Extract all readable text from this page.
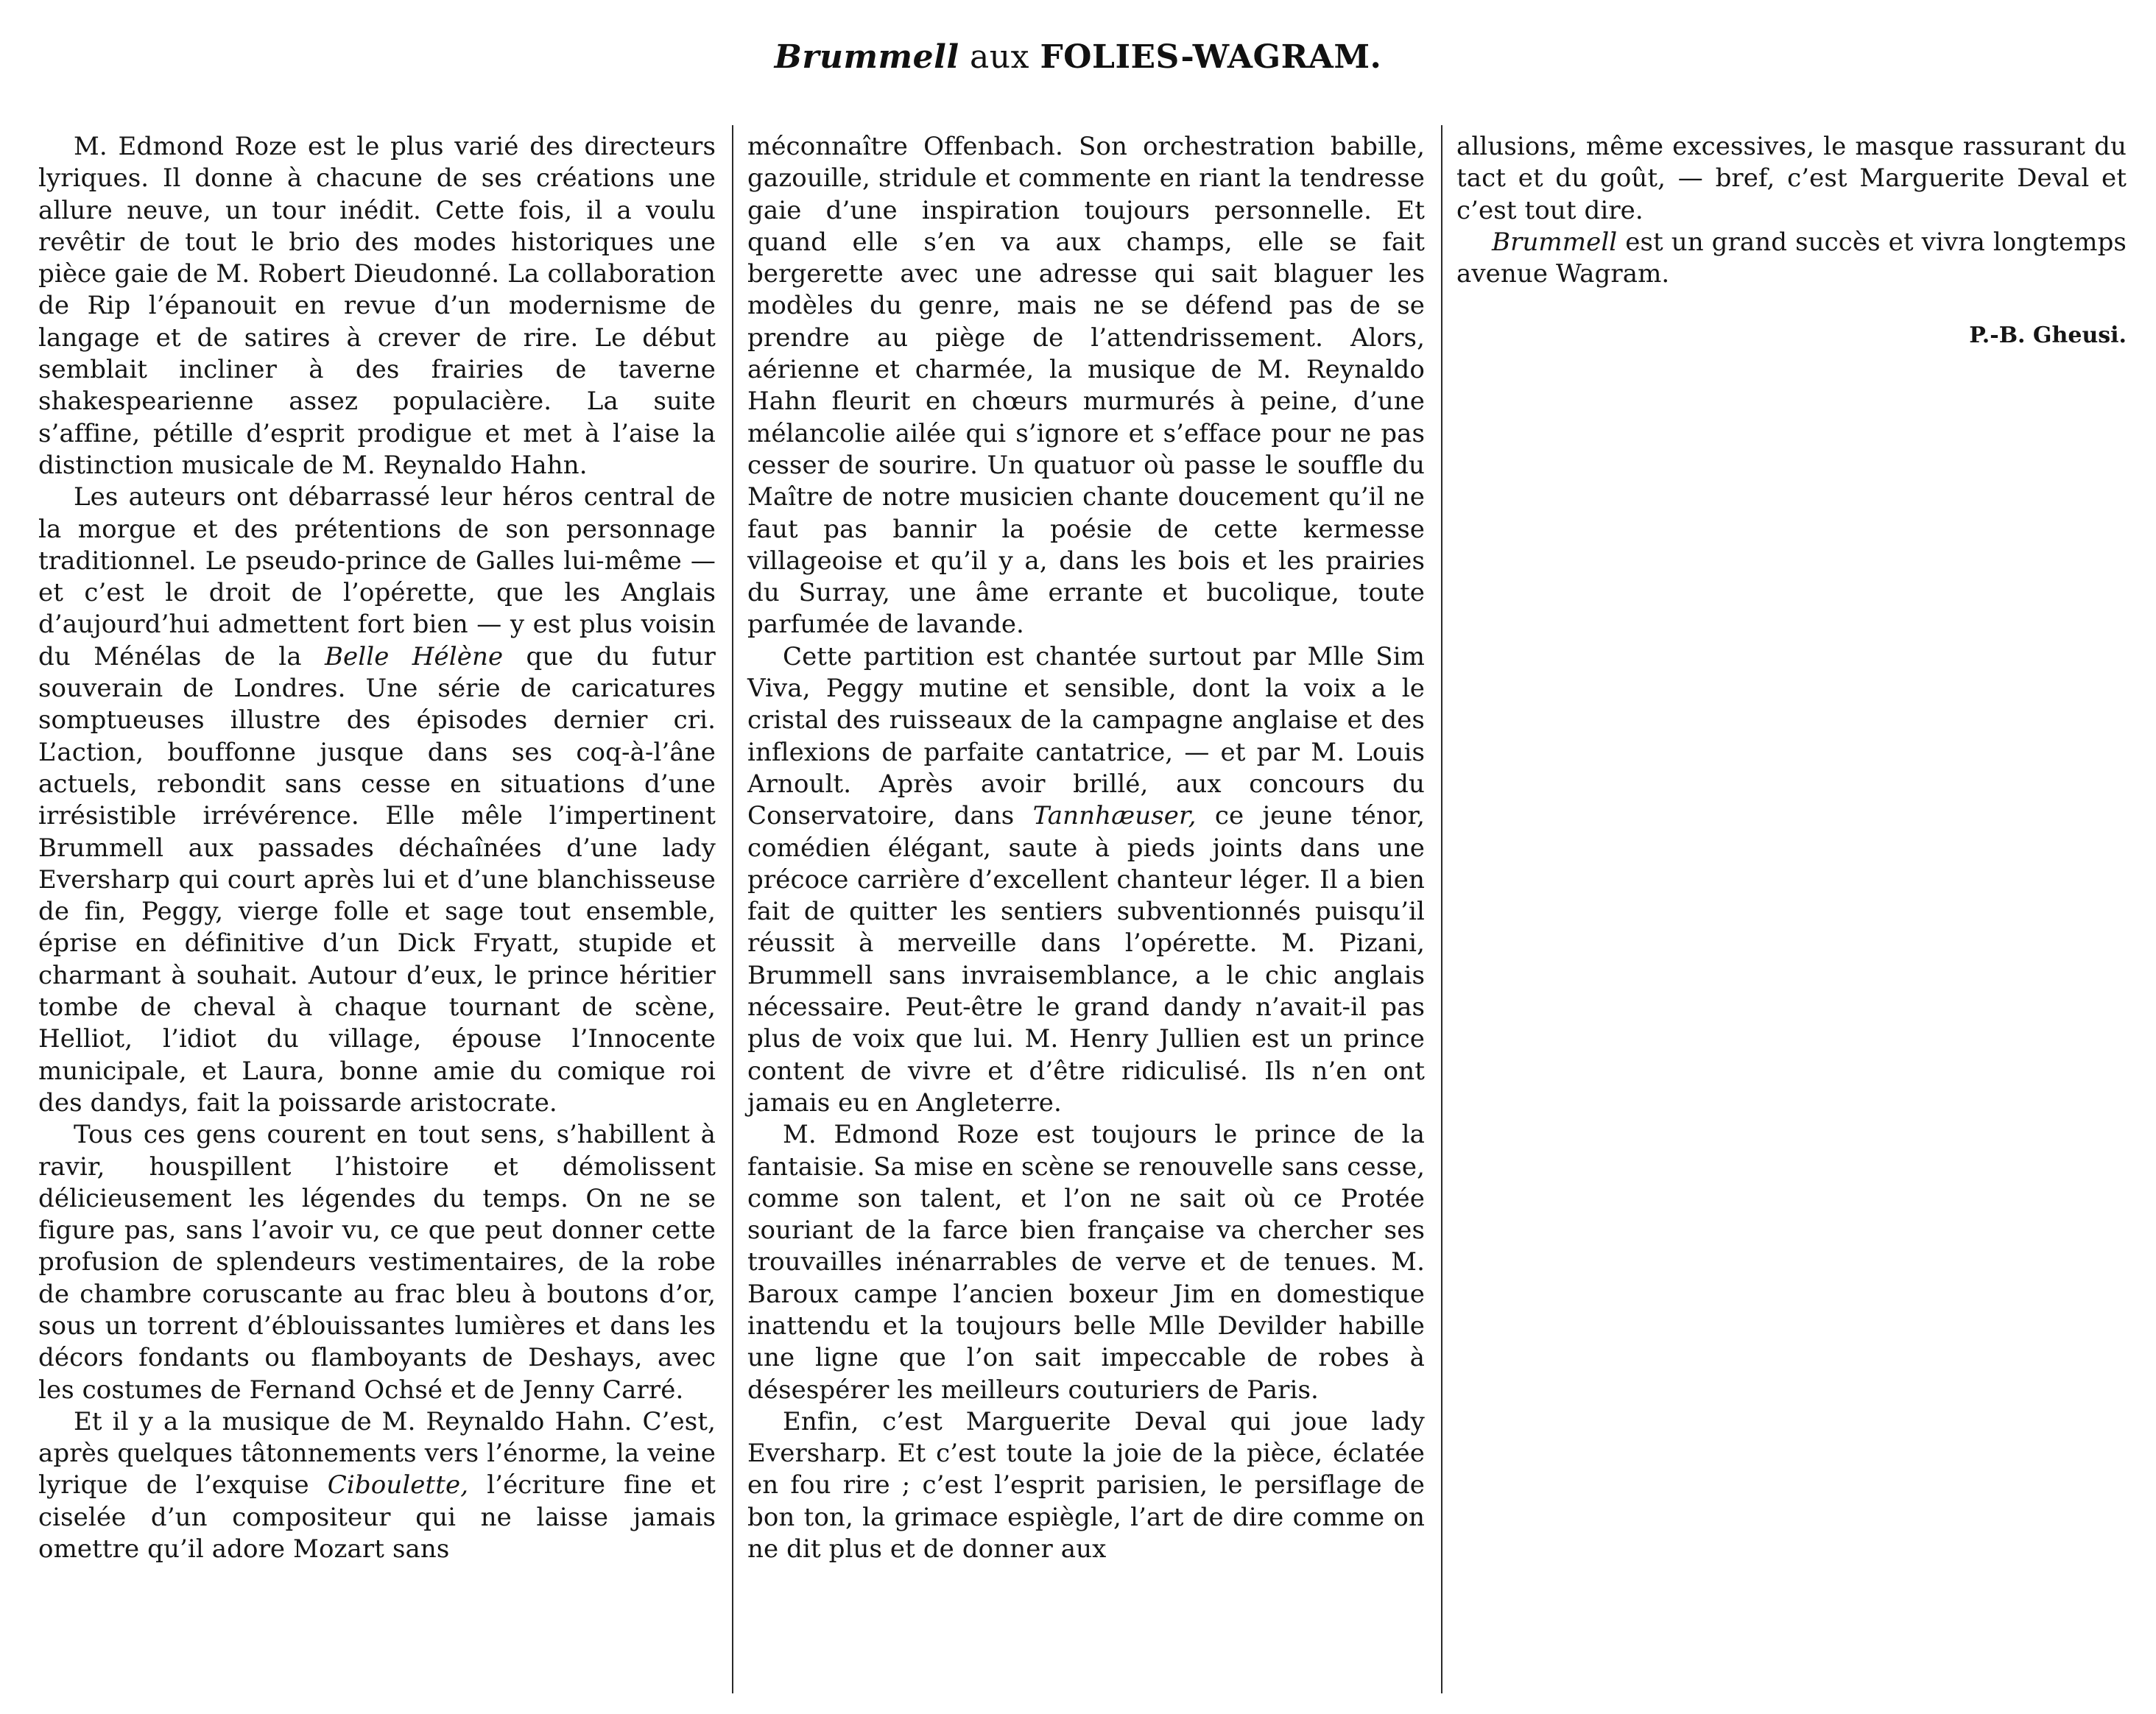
Brummell aux FOLIES-WAGRAM.

M. Edmond Roze est le plus varié des directeurs lyriques. Il donne à chacune de ses créations une allure neuve, un tour inédit. Cette fois, il a voulu revêtir de tout le brio des modes historiques une pièce gaie de M. Robert Dieudonné. La collaboration de Rip l’épanouit en revue d’un modernisme de langage et de satires à crever de rire. Le début semblait incliner à des frairies de taverne shakespearienne assez populacière. La suite s’affine, pétille d’esprit prodigue et met à l’aise la distinction musicale de M. Reynaldo Hahn.

Les auteurs ont débarrassé leur héros central de la morgue et des prétentions de son personnage traditionnel. Le pseudo-prince de Galles lui-même — et c’est le droit de l’opérette, que les Anglais d’aujourd’hui admettent fort bien — y est plus voisin du Ménélas de la Belle Hélène que du futur souverain de Londres. Une série de caricatures somptueuses illustre des épisodes dernier cri. L’action, bouffonne jusque dans ses coq-à-l’âne actuels, rebondit sans cesse en situations d’une irrésistible irrévérence. Elle mêle l’impertinent Brummell aux passades déchaînées d’une lady Eversharp qui court après lui et d’une blanchisseuse de fin, Peggy, vierge folle et sage tout ensemble, éprise en définitive d’un Dick Fryatt, stupide et charmant à souhait. Autour d’eux, le prince héritier tombe de cheval à chaque tournant de scène, Helliot, l’idiot du village, épouse l’Innocente municipale, et Laura, bonne amie du comique roi des dandys, fait la poissarde aristocrate.

Tous ces gens courent en tout sens, s’habillent à ravir, houspillent l’histoire et démolissent délicieusement les légendes du temps. On ne se figure pas, sans l’avoir vu, ce que peut donner cette profusion de splendeurs vestimentaires, de la robe de chambre coruscante au frac bleu à boutons d’or, sous un torrent d’éblouissantes lumières et dans les décors fondants ou flamboyants de Deshays, avec les costumes de Fernand Ochsé et de Jenny Carré.

Et il y a la musique de M. Reynaldo Hahn. C’est, après quelques tâtonnements vers l’énorme, la veine lyrique de l’exquise Ciboulette, l’écriture fine et ciselée d’un compositeur qui ne laisse jamais omettre qu’il adore Mozart sans

méconnaître Offenbach. Son orchestration babille, gazouille, stridule et commente en riant la tendresse gaie d’une inspiration toujours personnelle. Et quand elle s’en va aux champs, elle se fait bergerette avec une adresse qui sait blaguer les modèles du genre, mais ne se défend pas de se prendre au piège de l’attendrissement. Alors, aérienne et charmée, la musique de M. Reynaldo Hahn fleurit en chœurs murmurés à peine, d’une mélancolie ailée qui s’ignore et s’efface pour ne pas cesser de sourire. Un quatuor où passe le souffle du Maître de notre musicien chante doucement qu’il ne faut pas bannir la poésie de cette kermesse villageoise et qu’il y a, dans les bois et les prairies du Surray, une âme errante et bucolique, toute parfumée de lavande.

Cette partition est chantée surtout par Mlle Sim Viva, Peggy mutine et sensible, dont la voix a le cristal des ruisseaux de la campagne anglaise et des inflexions de parfaite cantatrice, — et par M. Louis Arnoult. Après avoir brillé, aux concours du Conservatoire, dans Tannhæuser, ce jeune ténor, comédien élégant, saute à pieds joints dans une précoce carrière d’excellent chanteur léger. Il a bien fait de quitter les sentiers subventionnés puisqu’il réussit à merveille dans l’opérette. M. Pizani, Brummell sans invraisemblance, a le chic anglais nécessaire. Peut-être le grand dandy n’avait-il pas plus de voix que lui. M. Henry Jullien est un prince content de vivre et d’être ridiculisé. Ils n’en ont jamais eu en Angleterre.

M. Edmond Roze est toujours le prince de la fantaisie. Sa mise en scène se renouvelle sans cesse, comme son talent, et l’on ne sait où ce Protée souriant de la farce bien française va chercher ses trouvailles inénarrables de verve et de tenues. M. Baroux campe l’ancien boxeur Jim en domestique inattendu et la toujours belle Mlle Devilder habille une ligne que l’on sait impeccable de robes à désespérer les meilleurs couturiers de Paris.

Enfin, c’est Marguerite Deval qui joue lady Eversharp. Et c’est toute la joie de la pièce, éclatée en fou rire ; c’est l’esprit parisien, le persiflage de bon ton, la grimace espiègle, l’art de dire comme on ne dit plus et de donner aux

allusions, même excessives, le masque rassurant du tact et du goût, — bref, c’est Marguerite Deval et c’est tout dire.

Brummell est un grand succès et vivra longtemps avenue Wagram.

P.-B. Gheusi.
